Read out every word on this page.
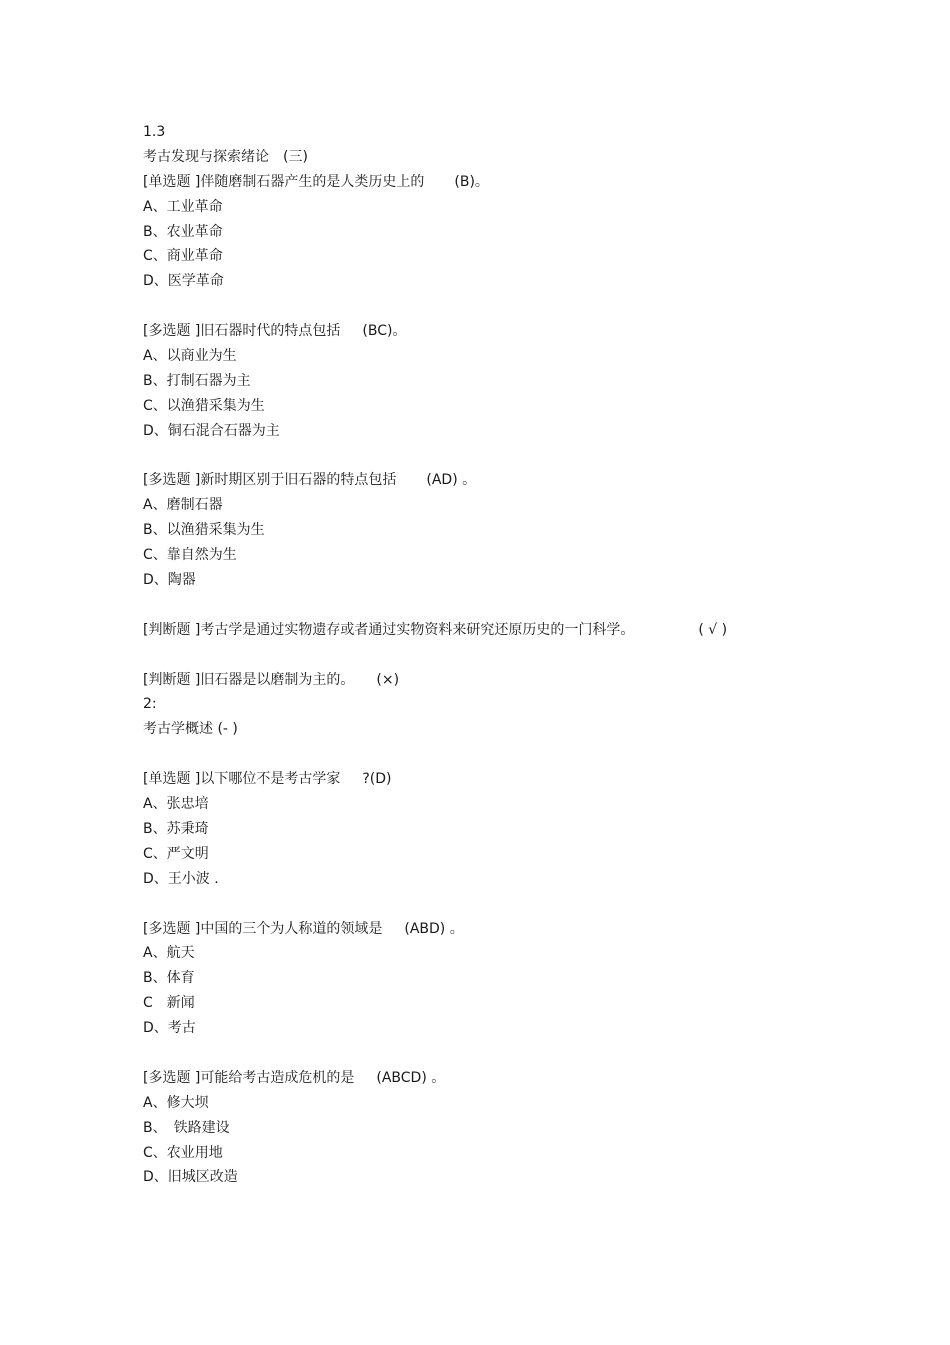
1.3
考古发现与探索绪论　(三)
[单选题 ]伴随磨制石器产生的是人类历史上的 (B)。
A、工业革命
B、农业革命
C、商业革命
D、医学革命
[多选题 ]旧石器时代的特点包括 (BC)。
A、以商业为生
B、打制石器为主
C、以渔猎采集为生
D、铜石混合石器为主
[多选题 ]新时期区别于旧石器的特点包括 (AD) 。
A、磨制石器
B、以渔猎采集为生
C、靠自然为生
D、陶器
[判断题 ]考古学是通过实物遗存或者通过实物资料来研究还原历史的一门科学。	( √ )
[判断题 ]旧石器是以磨制为主的。 (×)
2:
考古学概述 (- )
[单选题 ]以下哪位不是考古学家 ?(D)
A、张忠培
B、苏秉琦
C、严文明
D、王小波 .
[多选题 ]中国的三个为人称道的领域是 (ABD) 。
A、航天
B、体育
C　新闻
D、考古
[多选题 ]可能给考古造成危机的是 (ABCD) 。
A、修大坝
B、　铁路建设
C、农业用地
D、旧城区改造
